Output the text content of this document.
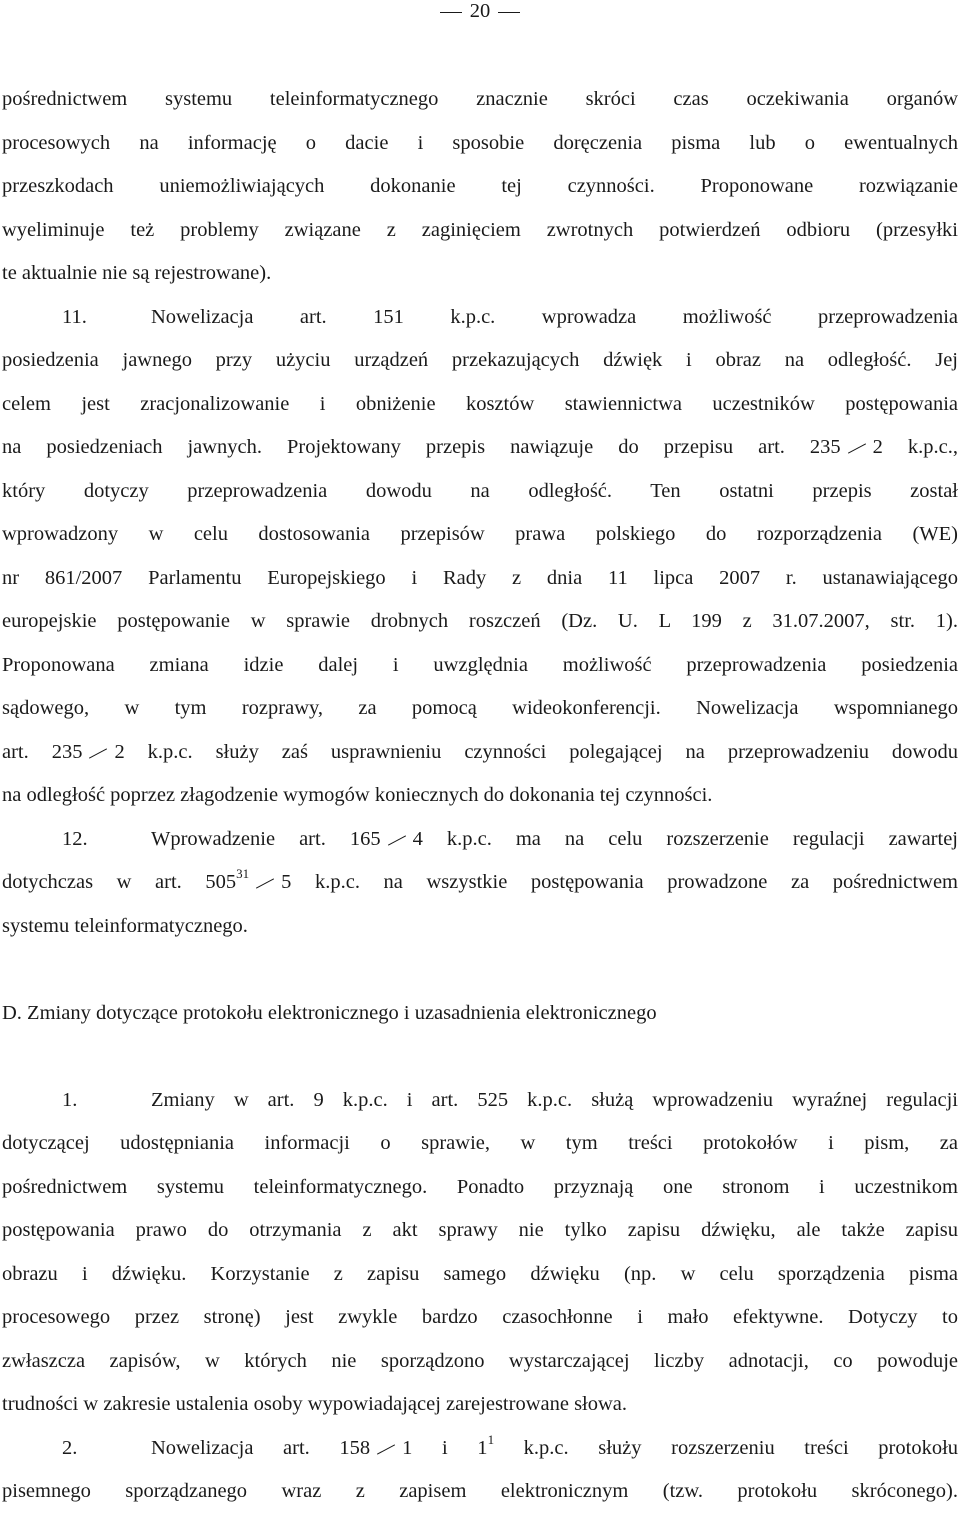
20
pośrednictwem systemu teleinformatycznego znacznie skróci czas oczekiwania organów
procesowych na informację o dacie i sposobie doręczenia pisma lub o ewentualnych
przeszkodach uniemożliwiających dokonanie tej czynności. Proponowane rozwiązanie
wyeliminuje też problemy związane z zaginięciem zwrotnych potwierdzeń odbioru (przesyłki
te aktualnie nie są rejestrowane).
11.	Nowelizacja art. 151 k.p.c. wprowadza możliwość przeprowadzenia
posiedzenia jawnego przy użyciu urządzeń przekazujących dźwięk i obraz na odległość. Jej
celem jest zracjonalizowanie i obniżenie kosztów stawiennictwa uczestników postępowania
na posiedzeniach jawnych. Projektowany przepis nawiązuje do przepisu art. 235 2 k.p.c.,
który dotyczy przeprowadzenia dowodu na odległość. Ten ostatni przepis został
wprowadzony w celu dostosowania przepisów prawa polskiego do rozporządzenia (WE)
nr 861/2007 Parlamentu Europejskiego i Rady z dnia 11 lipca 2007 r. ustanawiającego
europejskie postępowanie w sprawie drobnych roszczeń (Dz. U. L 199 z 31.07.2007, str. 1).
Proponowana zmiana idzie dalej i uwzględnia możliwość przeprowadzenia posiedzenia
sądowego, w tym rozprawy, za pomocą wideokonferencji. Nowelizacja wspomnianego
art. 235 2 k.p.c. służy zaś usprawnieniu czynności polegającej na przeprowadzeniu dowodu
na odległość poprzez złagodzenie wymogów koniecznych do dokonania tej czynności.
12.	Wprowadzenie art. 165 4 k.p.c. ma na celu rozszerzenie regulacji zawartej
dotychczas w art. $505^{31}$ 5 k.p.c. na wszystkie postępowania prowadzone za pośrednictwem
systemu teleinformatycznego.
D. Zmiany dotyczące protokołu elektronicznego i uzasadnienia elektronicznego
1.	Zmiany w art. 9 k.p.c. i art. 525 k.p.c. służą wprowadzeniu wyraźnej regulacji
dotyczącej udostępniania informacji o sprawie, w tym treści protokołów i pism, za
pośrednictwem systemu teleinformatycznego. Ponadto przyznają one stronom i uczestnikom
postępowania prawo do otrzymania z akt sprawy nie tylko zapisu dźwięku, ale także zapisu
obrazu i dźwięku. Korzystanie z zapisu samego dźwięku (np. w celu sporządzenia pisma
procesowego przez stronę) jest zwykle bardzo czasochłonne i mało efektywne. Dotyczy to
zwłaszcza zapisów, w których nie sporządzono wystarczającej liczby adnotacji, co powoduje
trudności w zakresie ustalenia osoby wypowiadającej zarejestrowane słowa.
2.	Nowelizacja art. 158 1 i $1^1$ k.p.c. służy rozszerzeniu treści protokołu
pisemnego sporządzanego wraz z zapisem elektronicznym (tzw. protokołu skróconego).
